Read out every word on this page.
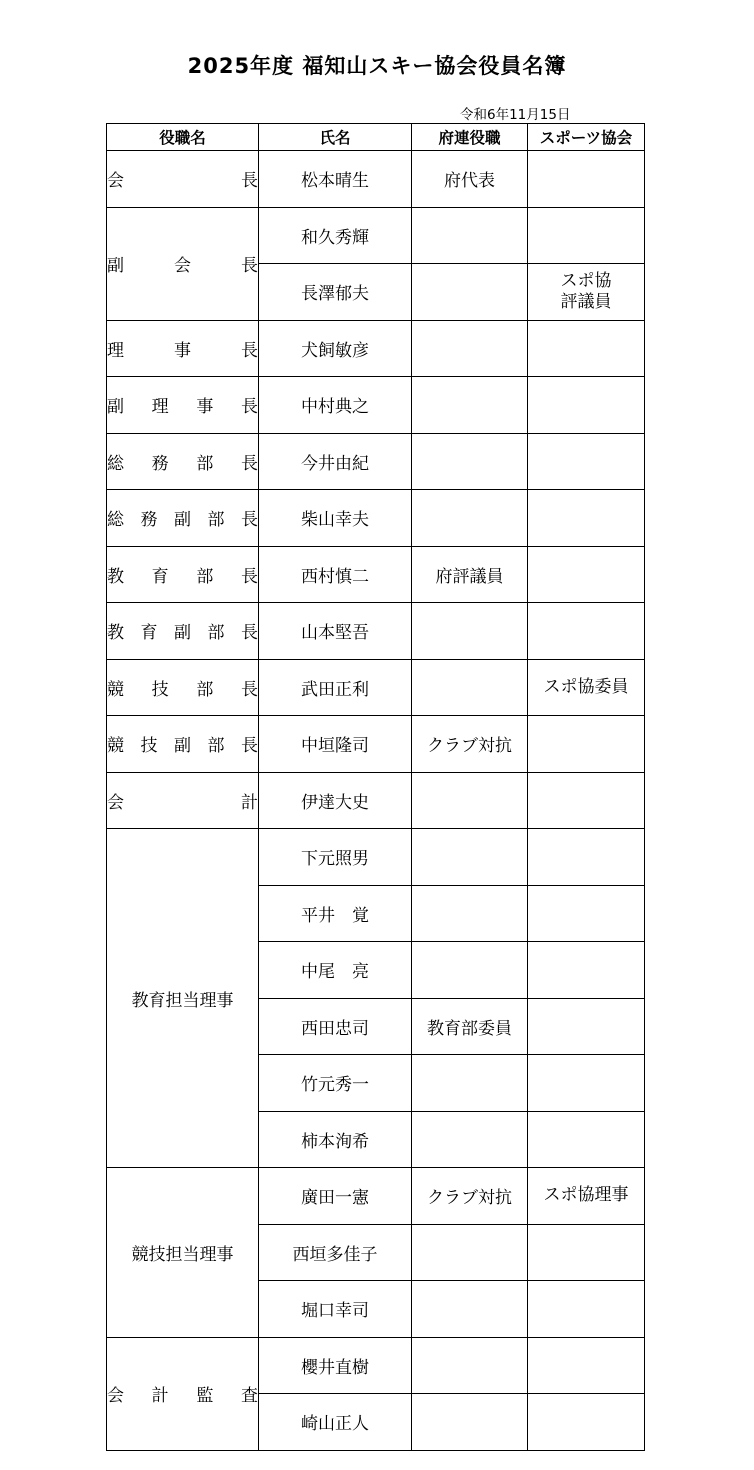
2025年度 福知山スキー協会役員名簿
令和6年11月15日
役職名	氏名	府連役職	スポーツ協会

会 長	松本晴生	府代表	

副 会 長	和久秀輝		
	長澤郁夫		スポ協
評議員

理 事 長	犬飼敏彦		

副 理 事 長	中村典之		

総 務 部 長	今井由紀		

総 務 副 部 長	柴山幸夫		

教 育 部 長	西村慎二	府評議員	

教 育 副 部 長	山本堅吾		

競 技 部 長	武田正利		スポ協委員

競 技 副 部 長	中垣隆司	クラブ対抗	

会 計	伊達大史		
教育担当理事	下元照男		
	平井　覚		
	中尾　亮		
	西田忠司	教育部委員	
	竹元秀一		
	柿本洵希		
競技担当理事	廣田一憲	クラブ対抗	スポ協理事
	西垣多佳子		
	堀口幸司		

会 計 監 査	櫻井直樹		
	崎山正人		
